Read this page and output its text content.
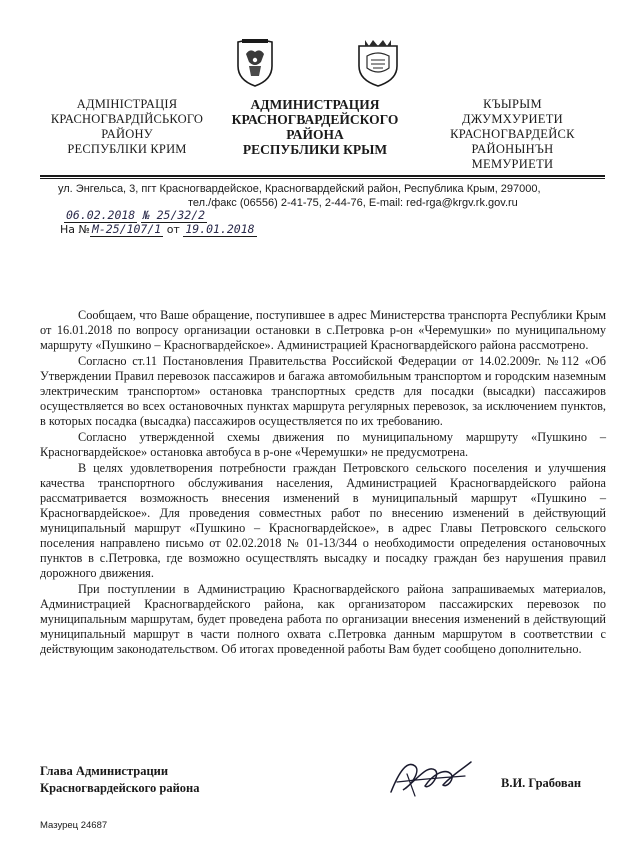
АДМІНІСТРАЦІЯ
КРАСНОГВАРДІЙСЬКОГО
РАЙОНУ
РЕСПУБЛІКИ КРИМ
АДМИНИСТРАЦИЯ
КРАСНОГВАРДЕЙСКОГО
РАЙОНА
РЕСПУБЛИКИ КРЫМ
КЪЫРЫМ
ДЖУМХУРИЕТИ
КРАСНОГВАРДЕЙСК
РАЙОНЫНЪН
МЕМУРИЕТИ
ул. Энгельса, 3, пгт Красногвардейское, Красногвардейский район, Республика Крым, 297000,
тел./факс (06556) 2-41-75, 2-44-76, E-mail: red-rga@krgv.rk.gov.ru
06.02.2018 № 25/32/2
На № М-25/107/1 от 19.01.2018

Сообщаем, что Ваше обращение, поступившее в адрес Министерства транспорта Республики Крым от 16.01.2018 по вопросу организации остановки в с.Петровка р-он «Черемушки» по муниципальному маршруту «Пушкино – Красногвардейское». Администрацией Красногвардейского района рассмотрено.

Согласно ст.11 Постановления Правительства Российской Федерации от 14.02.2009г. №112 «Об Утверждении Правил перевозок пассажиров и багажа автомобильным транспортом и городским наземным электрическим транспортом» остановка транспортных средств для посадки (высадки) пассажиров осуществляется во всех остановочных пунктах маршрута регулярных перевозок, за исключением пунктов, в которых посадка (высадка) пассажиров осуществляется по их требованию.

Согласно утвержденной схемы движения по муниципальному маршруту «Пушкино – Красногвардейское» остановка автобуса в р-оне «Черемушки» не предусмотрена.

В целях удовлетворения потребности граждан Петровского сельского поселения и улучшения качества транспортного обслуживания населения, Администрацией Красногвардейского района рассматривается возможность внесения изменений в муниципальный маршрут «Пушкино – Красногвардейское». Для проведения совместных работ по внесению изменений в действующий муниципальный маршрут «Пушкино – Красногвардейское», в адрес Главы Петровского сельского поселения направлено письмо от 02.02.2018 № 01-13/344 о необходимости определения остановочных пунктов в с.Петровка, где возможно осуществлять высадку и посадку граждан без нарушения правил дорожного движения.

При поступлении в Администрацию Красногвардейского района запрашиваемых материалов, Администрацией Красногвардейского района, как организатором пассажирских перевозок по муниципальным маршрутам, будет проведена работа по организации внесения изменений в действующий муниципальный маршрут в части полного охвата с.Петровка данным маршрутом в соответствии с действующим законодательством. Об итогах проведенной работы Вам будет сообщено дополнительно.

Глава Администрации
Красногвардейского района	В.И. Грабован
Мазурец 24687
